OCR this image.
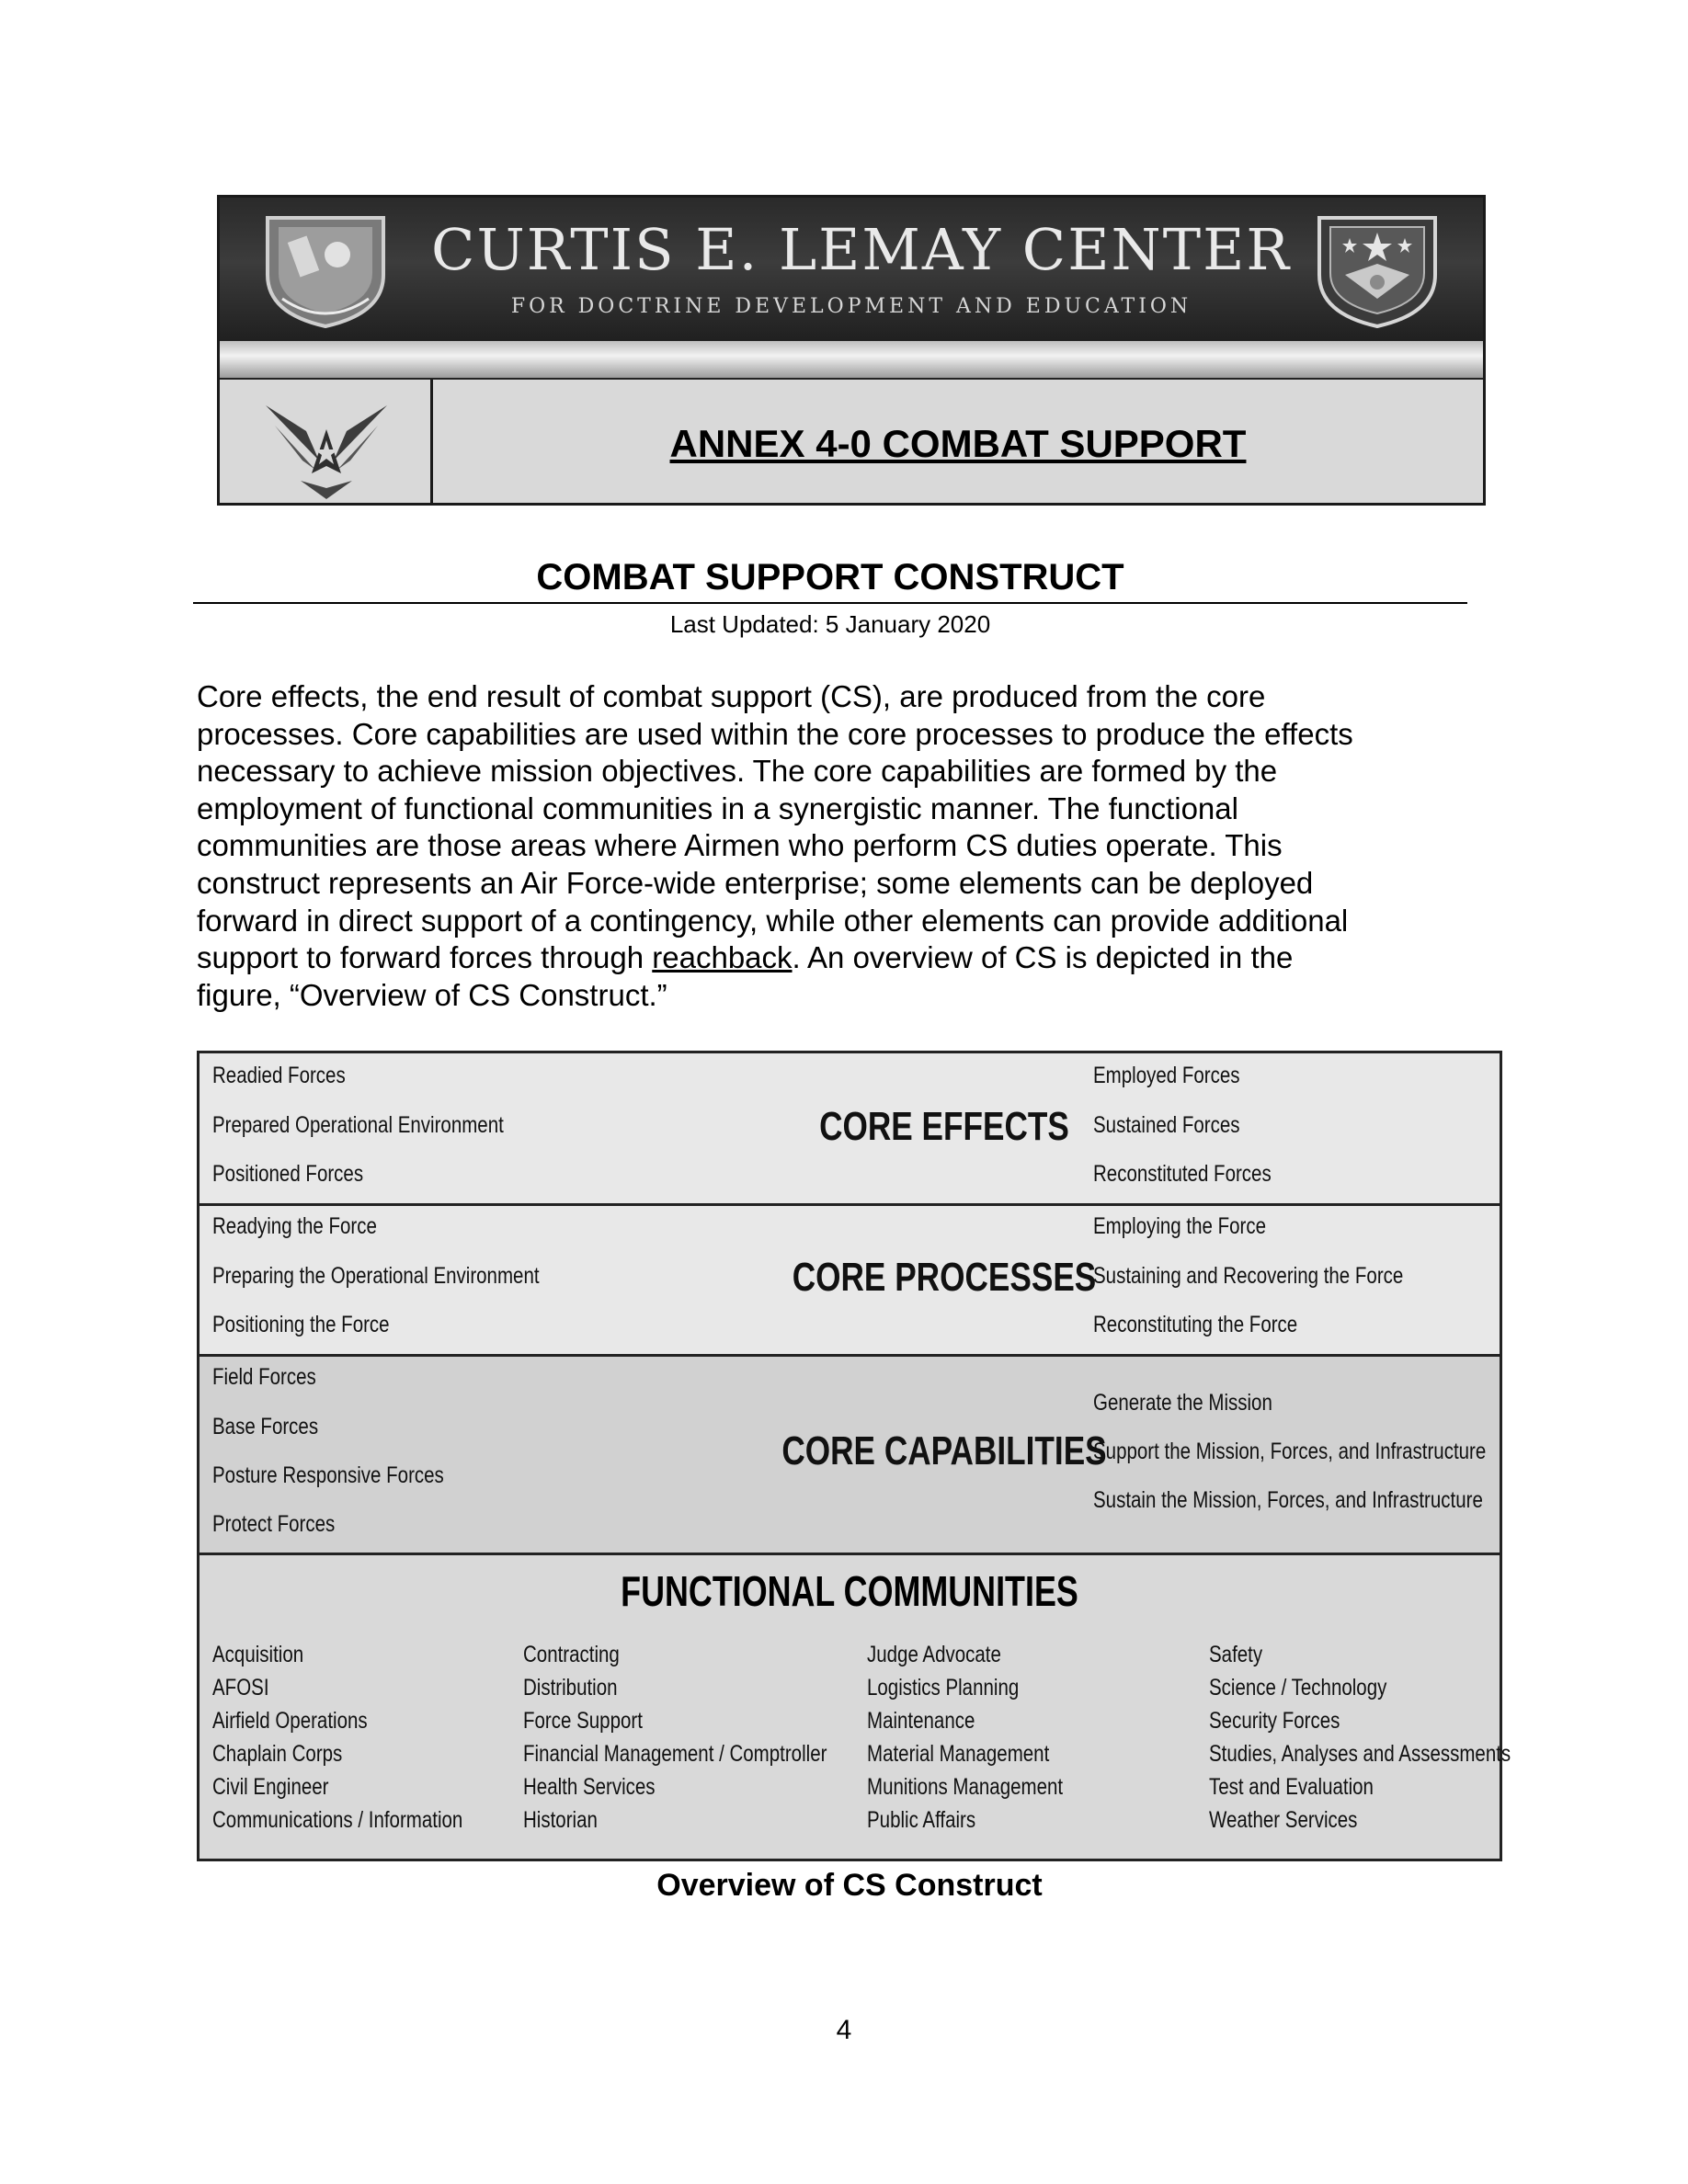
CURTIS E. LEMAY CENTER
FOR DOCTRINE DEVELOPMENT AND EDUCATION
ANNEX 4-0 COMBAT SUPPORT
COMBAT SUPPORT CONSTRUCT
Last Updated: 5 January 2020

Core effects, the end result of combat support (CS), are produced from the core
processes. Core capabilities are used within the core processes to produce the effects
necessary to achieve mission objectives. The core capabilities are formed by the
employment of functional communities in a synergistic manner. The functional
communities are those areas where Airmen who perform CS duties operate. This
construct represents an Air Force-wide enterprise; some elements can be deployed
forward in direct support of a contingency, while other elements can provide additional
support to forward forces through reachback. An overview of CS is depicted in the
figure, “Overview of CS Construct.”

Readied Forces
Prepared Operational Environment
Positioned Forces
CORE EFFECTS
Employed Forces
Sustained Forces
Reconstituted Forces
Readying the Force
Preparing the Operational Environment
Positioning the Force
CORE PROCESSES
Employing the Force
Sustaining and Recovering the Force
Reconstituting the Force
Field Forces
Base Forces
Posture Responsive Forces
Protect Forces
CORE CAPABILITIES
Generate the Mission
Support the Mission, Forces, and Infrastructure
Sustain the Mission, Forces, and Infrastructure
FUNCTIONAL COMMUNITIES
Acquisition
AFOSI
Airfield Operations
Chaplain Corps
Civil Engineer
Communications / Information
Contracting
Distribution
Force Support
Financial Management / Comptroller
Health Services
Historian
Judge Advocate
Logistics Planning
Maintenance
Material Management
Munitions Management
Public Affairs
Safety
Science / Technology
Security Forces
Studies, Analyses and Assessments
Test and Evaluation
Weather Services
Overview of CS Construct
4
